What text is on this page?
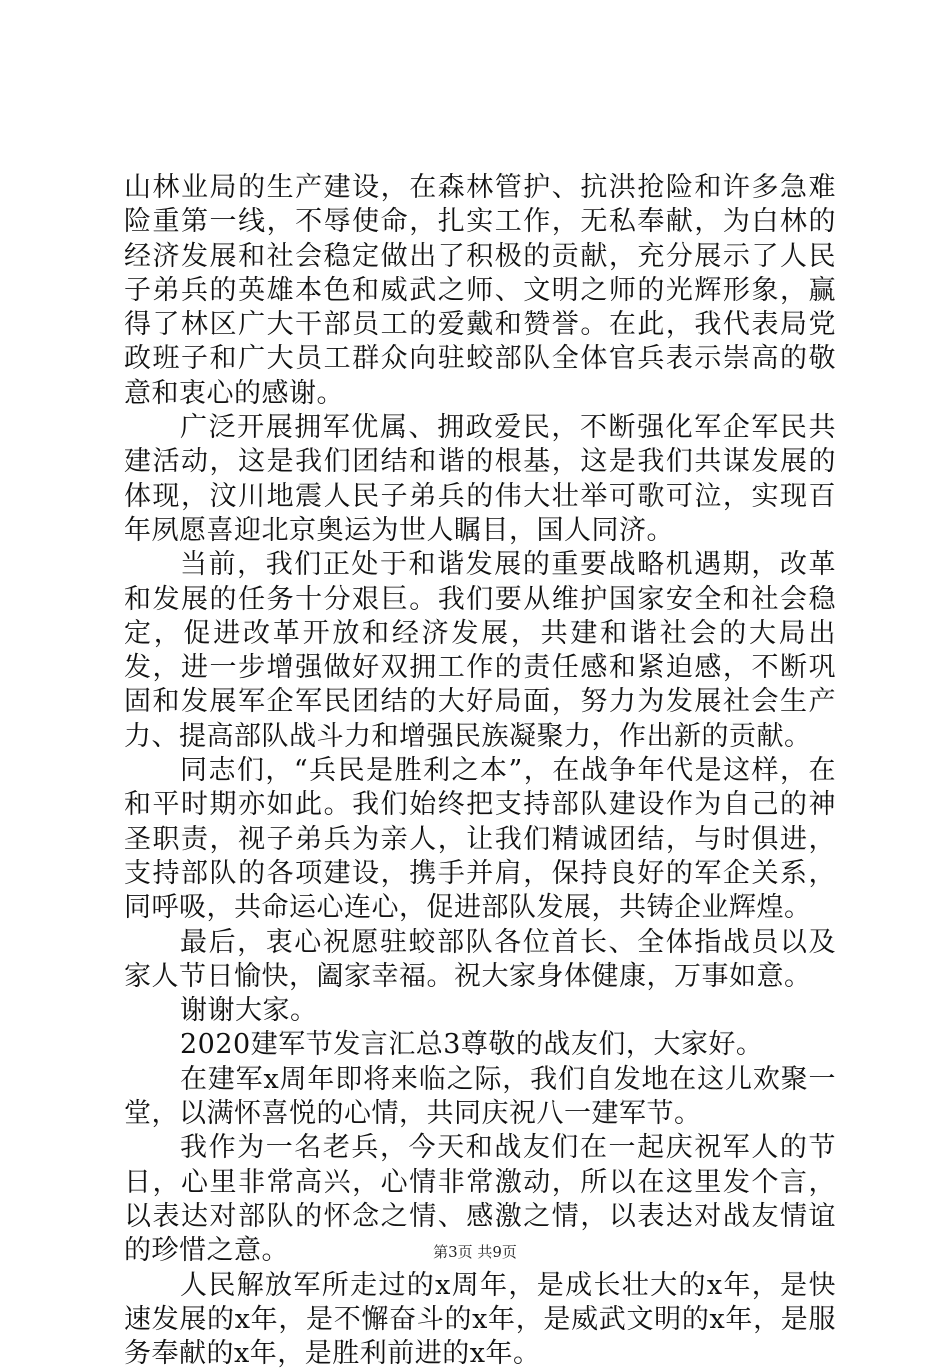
山林业局的生产建设，在森林管护、抗洪抢险和许多急难险重第一线，不辱使命，扎实工作，无私奉献，为白林的经济发展和社会稳定做出了积极的贡献，充分展示了人民子弟兵的英雄本色和威武之师、文明之师的光辉形象，赢得了林区广大干部员工的爱戴和赞誉。在此，我代表局党政班子和广大员工群众向驻蛟部队全体官兵表示崇高的敬意和衷心的感谢。

广泛开展拥军优属、拥政爱民，不断强化军企军民共建活动，这是我们团结和谐的根基，这是我们共谋发展的体现，汶川地震人民子弟兵的伟大壮举可歌可泣，实现百年夙愿喜迎北京奥运为世人瞩目，国人同济。

当前，我们正处于和谐发展的重要战略机遇期，改革和发展的任务十分艰巨。我们要从维护国家安全和社会稳定，促进改革开放和经济发展，共建和谐社会的大局出发，进一步增强做好双拥工作的责任感和紧迫感，不断巩固和发展军企军民团结的大好局面，努力为发展社会生产力、提高部队战斗力和增强民族凝聚力，作出新的贡献。

同志们，“兵民是胜利之本”，在战争年代是这样，在和平时期亦如此。我们始终把支持部队建设作为自己的神圣职责，视子弟兵为亲人，让我们精诚团结，与时俱进，支持部队的各项建设，携手并肩，保持良好的军企关系，同呼吸，共命运心连心，促进部队发展，共铸企业辉煌。

最后，衷心祝愿驻蛟部队各位首长、全体指战员以及家人节日愉快，阖家幸福。祝大家身体健康，万事如意。

谢谢大家。

2020建军节发言汇总3尊敬的战友们，大家好。

在建军x周年即将来临之际，我们自发地在这儿欢聚一堂，以满怀喜悦的心情，共同庆祝八一建军节。

我作为一名老兵，今天和战友们在一起庆祝军人的节日，心里非常高兴，心情非常激动，所以在这里发个言，以表达对部队的怀念之情、感激之情，以表达对战友情谊的珍惜之意。

人民解放军所走过的x周年，是成长壮大的x年，是快速发展的x年，是不懈奋斗的x年，是威武文明的x年，是服务奉献的x年，是胜利前进的x年。

第3页 共9页
